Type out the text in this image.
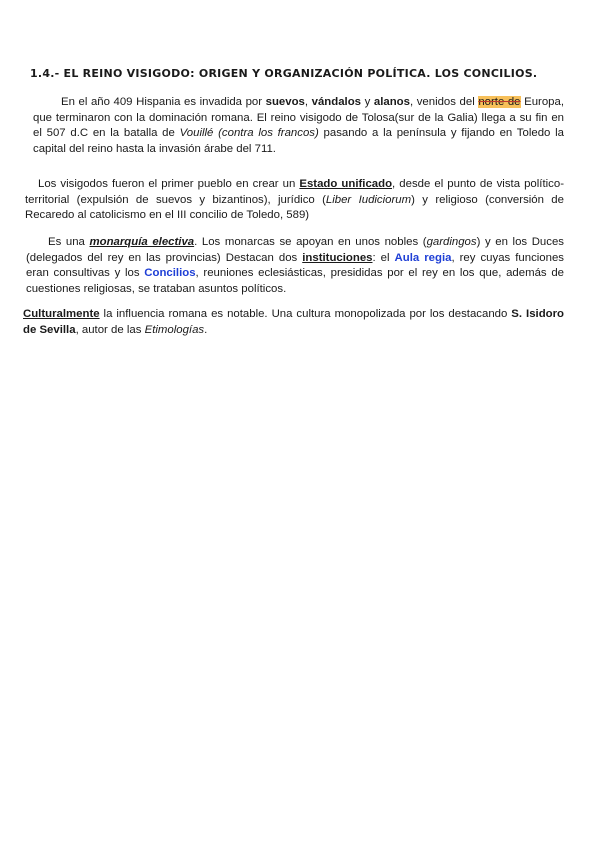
1.4.- EL REINO VISIGODO: ORIGEN Y ORGANIZACIÓN POLÍTICA. LOS CONCILIOS.

En el año 409 Hispania es invadida por suevos, vándalos y alanos, venidos del norte de Europa, que terminaron con la dominación romana. El reino visigodo de Tolosa(sur de la Galia) llega a su fin en el 507 d.C en la batalla de Vouillé (contra los francos) pasando a la península y fijando en Toledo la capital del reino hasta la invasión árabe del 711.

Los visigodos fueron el primer pueblo en crear un Estado unificado, desde el punto de vista político-territorial (expulsión de suevos y bizantinos), jurídico (Liber Iudiciorum) y religioso (conversión de Recaredo al catolicismo en el III concilio de Toledo, 589)

Es una monarquía electiva. Los monarcas se apoyan en unos nobles (gardingos) y en los Duces (delegados del rey en las provincias) Destacan dos instituciones: el Aula regia, rey cuyas funciones eran consultivas y los Concilios, reuniones eclesiásticas, presididas por el rey en los que, además de cuestiones religiosas, se trataban asuntos políticos.

Culturalmente la influencia romana es notable. Una cultura monopolizada por los destacando S. Isidoro de Sevilla, autor de las Etimologías.
